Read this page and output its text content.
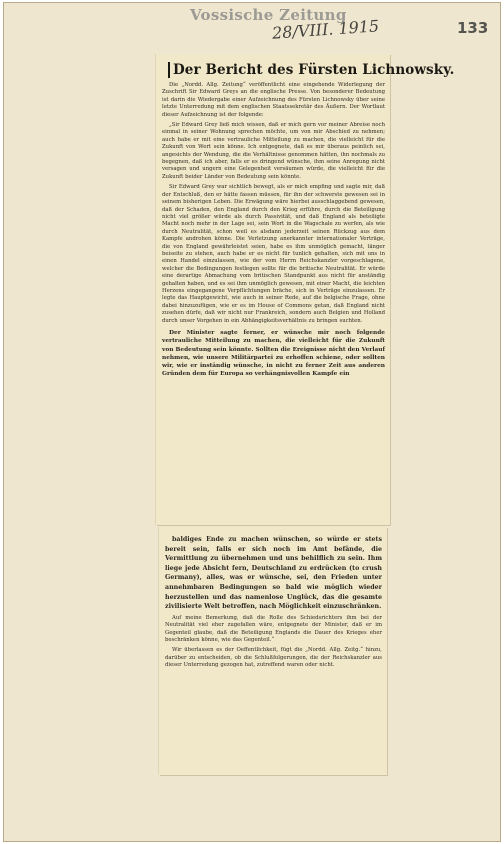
Vossische Zeitung
28/VIII. 1915	133
Der Bericht des Fürsten Lichnowsky.

Die „Nordd. Allg. Zeitung“ veröffentlicht eine eingehende Widerlegung der Zuschrift Sir Edward Greys an die englische Presse. Von besonderer Bedeutung ist darin die Wiedergabe einer Aufzeichnung des Fürsten Lichnowsky über seine letzte Unterredung mit dem englischen Staatssekretär des Äußern. Der Wortlaut dieser Aufzeichnung ist der folgende:

„Sir Edward Grey ließ mich wissen, daß er mich gern vor meiner Abreise noch einmal in seiner Wohnung sprechen möchte, um von mir Abschied zu nehmen; auch habe er mit eine vertrauliche Mitteilung zu machen, die vielleicht für die Zukunft von Wert sein könne. Ich entgegnete, daß es mir überaus peinlich sei, angesichts der Wendung, die die Verhältnisse genommen hätten, ihn nochmals zu begegnen, daß ich aber, falls er es dringend wünsche, ihm seine Anregung nicht versagen und ungern eine Gelegenheit versäumen würde, die vielleicht für die Zukunft beider Länder von Bedeutung sein könnte.

Sir Edward Grey war sichtlich bewegt, als er mich empfing und sagte mir, daß der Entschluß, den er hätte fassen müssen, für ihn der schwerste gewesen sei in seinem bisherigen Leben. Die Erwägung wäre hierbei ausschlaggebend gewesen, daß der Schaden, den England durch den Krieg erführe, durch die Beteiligung nicht viel größer würde als durch Passivität, und daß England als beteiligte Macht noch mehr in der Lage sei, sein Wort in die Wagschale zu werfen, als wie durch Neutralität, schon weil es alsdann jederzeit seinen Rückzug aus dem Kampfe androhen könne. Die Verletzung anerkannter internationaler Verträge, die von England gewährleistet seien, habe es ihm unmöglich gemacht, länger beiseite zu stehen, auch habe er es nicht für tunlich gehalten, sich mit uns in einen Handel einzulassen, wie der vom Herrn Reichskanzler vorgeschlagene, welcher die Bedingungen festlegen sollte für die britische Neutralität. Er würde eine derartige Abmachung vom britischen Standpunkt aus nicht für anständig gehalten haben, und es sei ihm unmöglich gewesen, mit einer Macht, die leichten Herzens eingegangene Verpflichtungen bräche, sich in Verträge einzulassen. Er legte das Hauptgewicht, wie auch in seiner Rede, auf die belgische Frage, ohne dabei hinzuzufügen, wie er es im House of Commons getan, daß England nicht zusehen dürfe, daß wir nicht nur Frankreich, sondern auch Belgien und Holland durch unser Vorgehen in ein Abhängigkeitsverhältnis zu bringen suchten.

Der Minister sagte ferner, er wünsche mir noch folgende vertrauliche Mitteilung zu machen, die vielleicht für die Zukunft von Bedeutung sein könnte. Sollten die Ereignisse nicht den Verlauf nehmen, wie unsere Militärpartei zu erhoffen schiene, oder sollten wir, wie er inständig wünsche, in nicht zu ferner Zeit aus anderen Gründen dem für Europa so verhängnisvollen Kampfe ein

baldiges Ende zu machen wünschen, so würde er stets bereit sein, falls er sich noch im Amt befände, die Vermittlung zu übernehmen und uns behilflich zu sein. Ihm liege jede Absicht fern, Deutschland zu erdrücken (to crush Germany), alles, was er wünsche, sei, den Frieden unter annehmbaren Bedingungen so bald wie möglich wieder herzustellen und das namenlose Unglück, das die gesamte zivilisierte Welt betroffen, nach Möglichkeit einzuschränken.

Auf meine Bemerkung, daß die Rolle des Schiedsrichters ihm bei der Neutralität viel eher zugefallen wäre, entgegnete der Minister, daß er im Gegenteil glaube, daß die Beteiligung Englands die Dauer des Krieges eher beschränken könne, wie das Gegenteil.“

Wir überlassen es der Oeffentlichkeit, fügt die „Nordd. Allg. Zeitg.“ hinzu, darüber zu entscheiden, ob die Schlußfolgerungen, die der Reichskanzler aus dieser Unterredung gezogen hat, zutreffend waren oder nicht.
